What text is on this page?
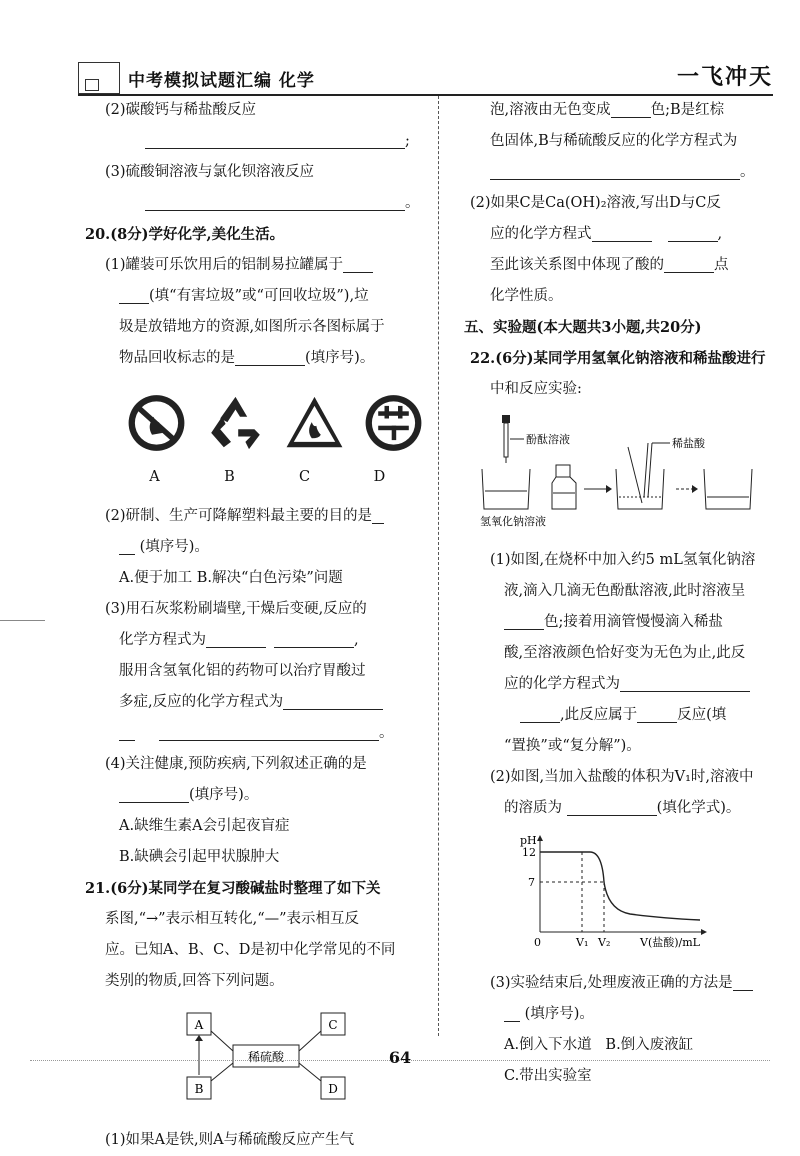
中考模拟试题汇编 化学	一飞冲天
(2)碳酸钙与稀盐酸反应
;
(3)硫酸铜溶液与氯化钡溶液反应
。
20.(8分)学好化学,美化生活。
(1)罐装可乐饮用后的铝制易拉罐属于
(填“有害垃圾”或“可回收垃圾”),垃
圾是放错地方的资源,如图所示各图标属于
物品回收标志的是	(填序号)。
A	B	C	D
(2)研制、生产可降解塑料最主要的目的是
(填序号)。
A.便于加工 B.解决“白色污染”问题
(3)用石灰浆粉刷墙壁,干燥后变硬,反应的
化学方程式为	,
服用含氢氧化铝的药物可以治疗胃酸过
多症,反应的化学方程式为
。
(4)关注健康,预防疾病,下列叙述正确的是
(填序号)。
A.缺维生素A会引起夜盲症
B.缺碘会引起甲状腺肿大
21.(6分)某同学在复习酸碱盐时整理了如下关
系图,“→”表示相互转化,“—”表示相互反
应。已知A、B、C、D是初中化学常见的不同
类别的物质,回答下列问题。
A	C
B	D
稀硫酸
(1)如果A是铁,则A与稀硫酸反应产生气
泡,溶液由无色变成	色;B是红棕
色固体,B与稀硫酸反应的化学方程式为
。
(2)如果C是Ca(OH)₂溶液,写出D与C反
应的化学方程式	,
至此该关系图中体现了酸的	点
化学性质。
五、实验题(本大题共3小题,共20分)
22.(6分)某同学用氢氧化钠溶液和稀盐酸进行
中和反应实验:
酚酞溶液	稀盐酸
氢氧化钠溶液
(1)如图,在烧杯中加入约5 mL氢氧化钠溶
液,滴入几滴无色酚酞溶液,此时溶液呈
色;接着用滴管慢慢滴入稀盐
酸,至溶液颜色恰好变为无色为止,此反
应的化学方程式为
,此反应属于	反应(填
“置换”或“复分解”)。
(2)如图,当加入盐酸的体积为V₁时,溶液中
的溶质为	(填化学式)。
pH
12
7
0	V₁ V₂	V(盐酸)/mL
(3)实验结束后,处理废液正确的方法是
(填序号)。
A.倒入下水道 B.倒入废液缸
C.带出实验室
64
